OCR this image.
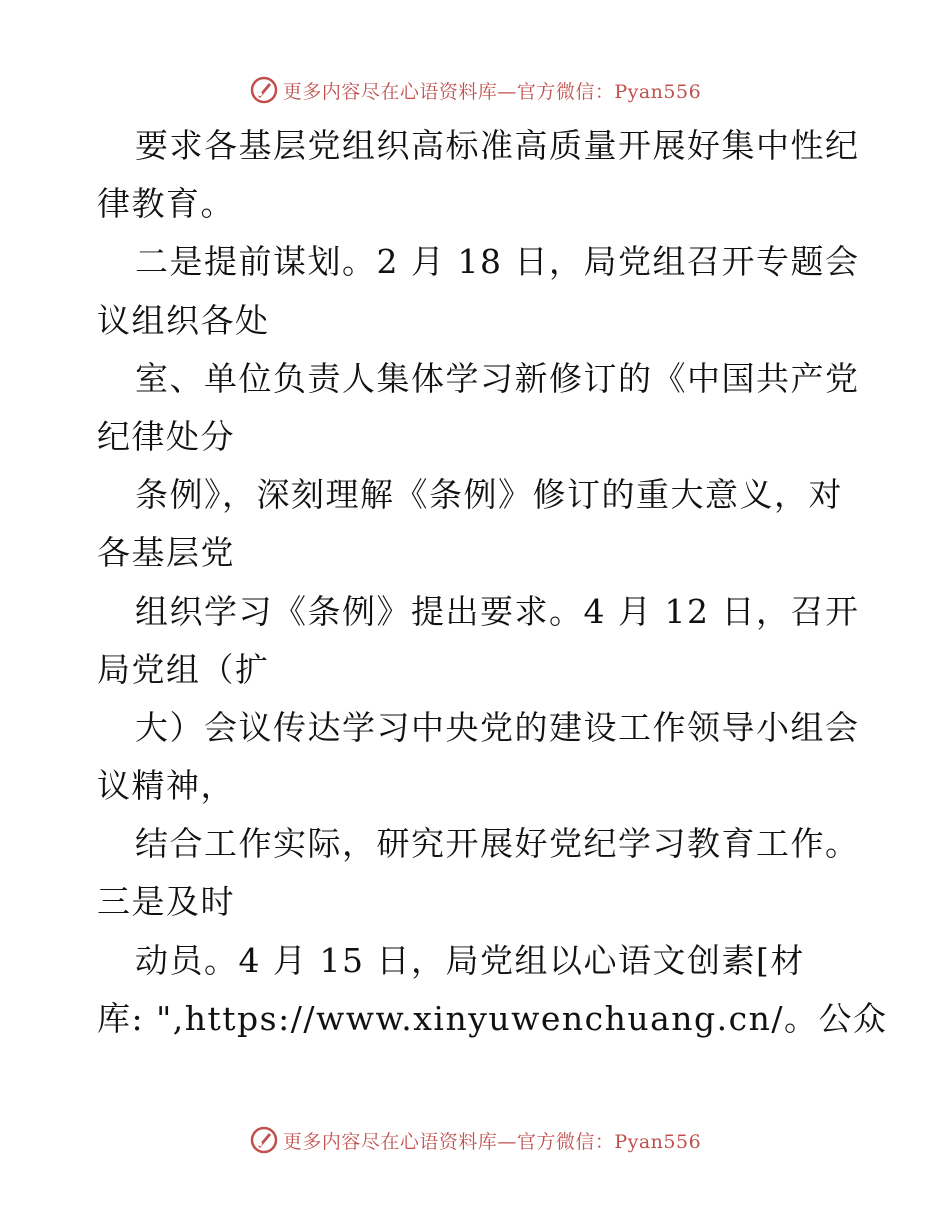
更多内容尽在心语资料库—官方微信：Pyan556
要求各基层党组织高标准高质量开展好集中性纪
律教育。
二是提前谋划。2 月 18 日，局党组召开专题会
议组织各处
室、单位负责人集体学习新修订的《中国共产党
纪律处分
条例》，深刻理解《条例》修订的重大意义，对
各基层党
组织学习《条例》提出要求。4 月 12 日，召开
局党组（扩
大）会议传达学习中央党的建设工作领导小组会
议精神，
结合工作实际，研究开展好党纪学习教育工作。
三是及时
动员。4 月 15 日，局党组以心语文创素[材
库: ",https://www.xinyuwenchuang.cn/。公众
更多内容尽在心语资料库—官方微信：Pyan556
